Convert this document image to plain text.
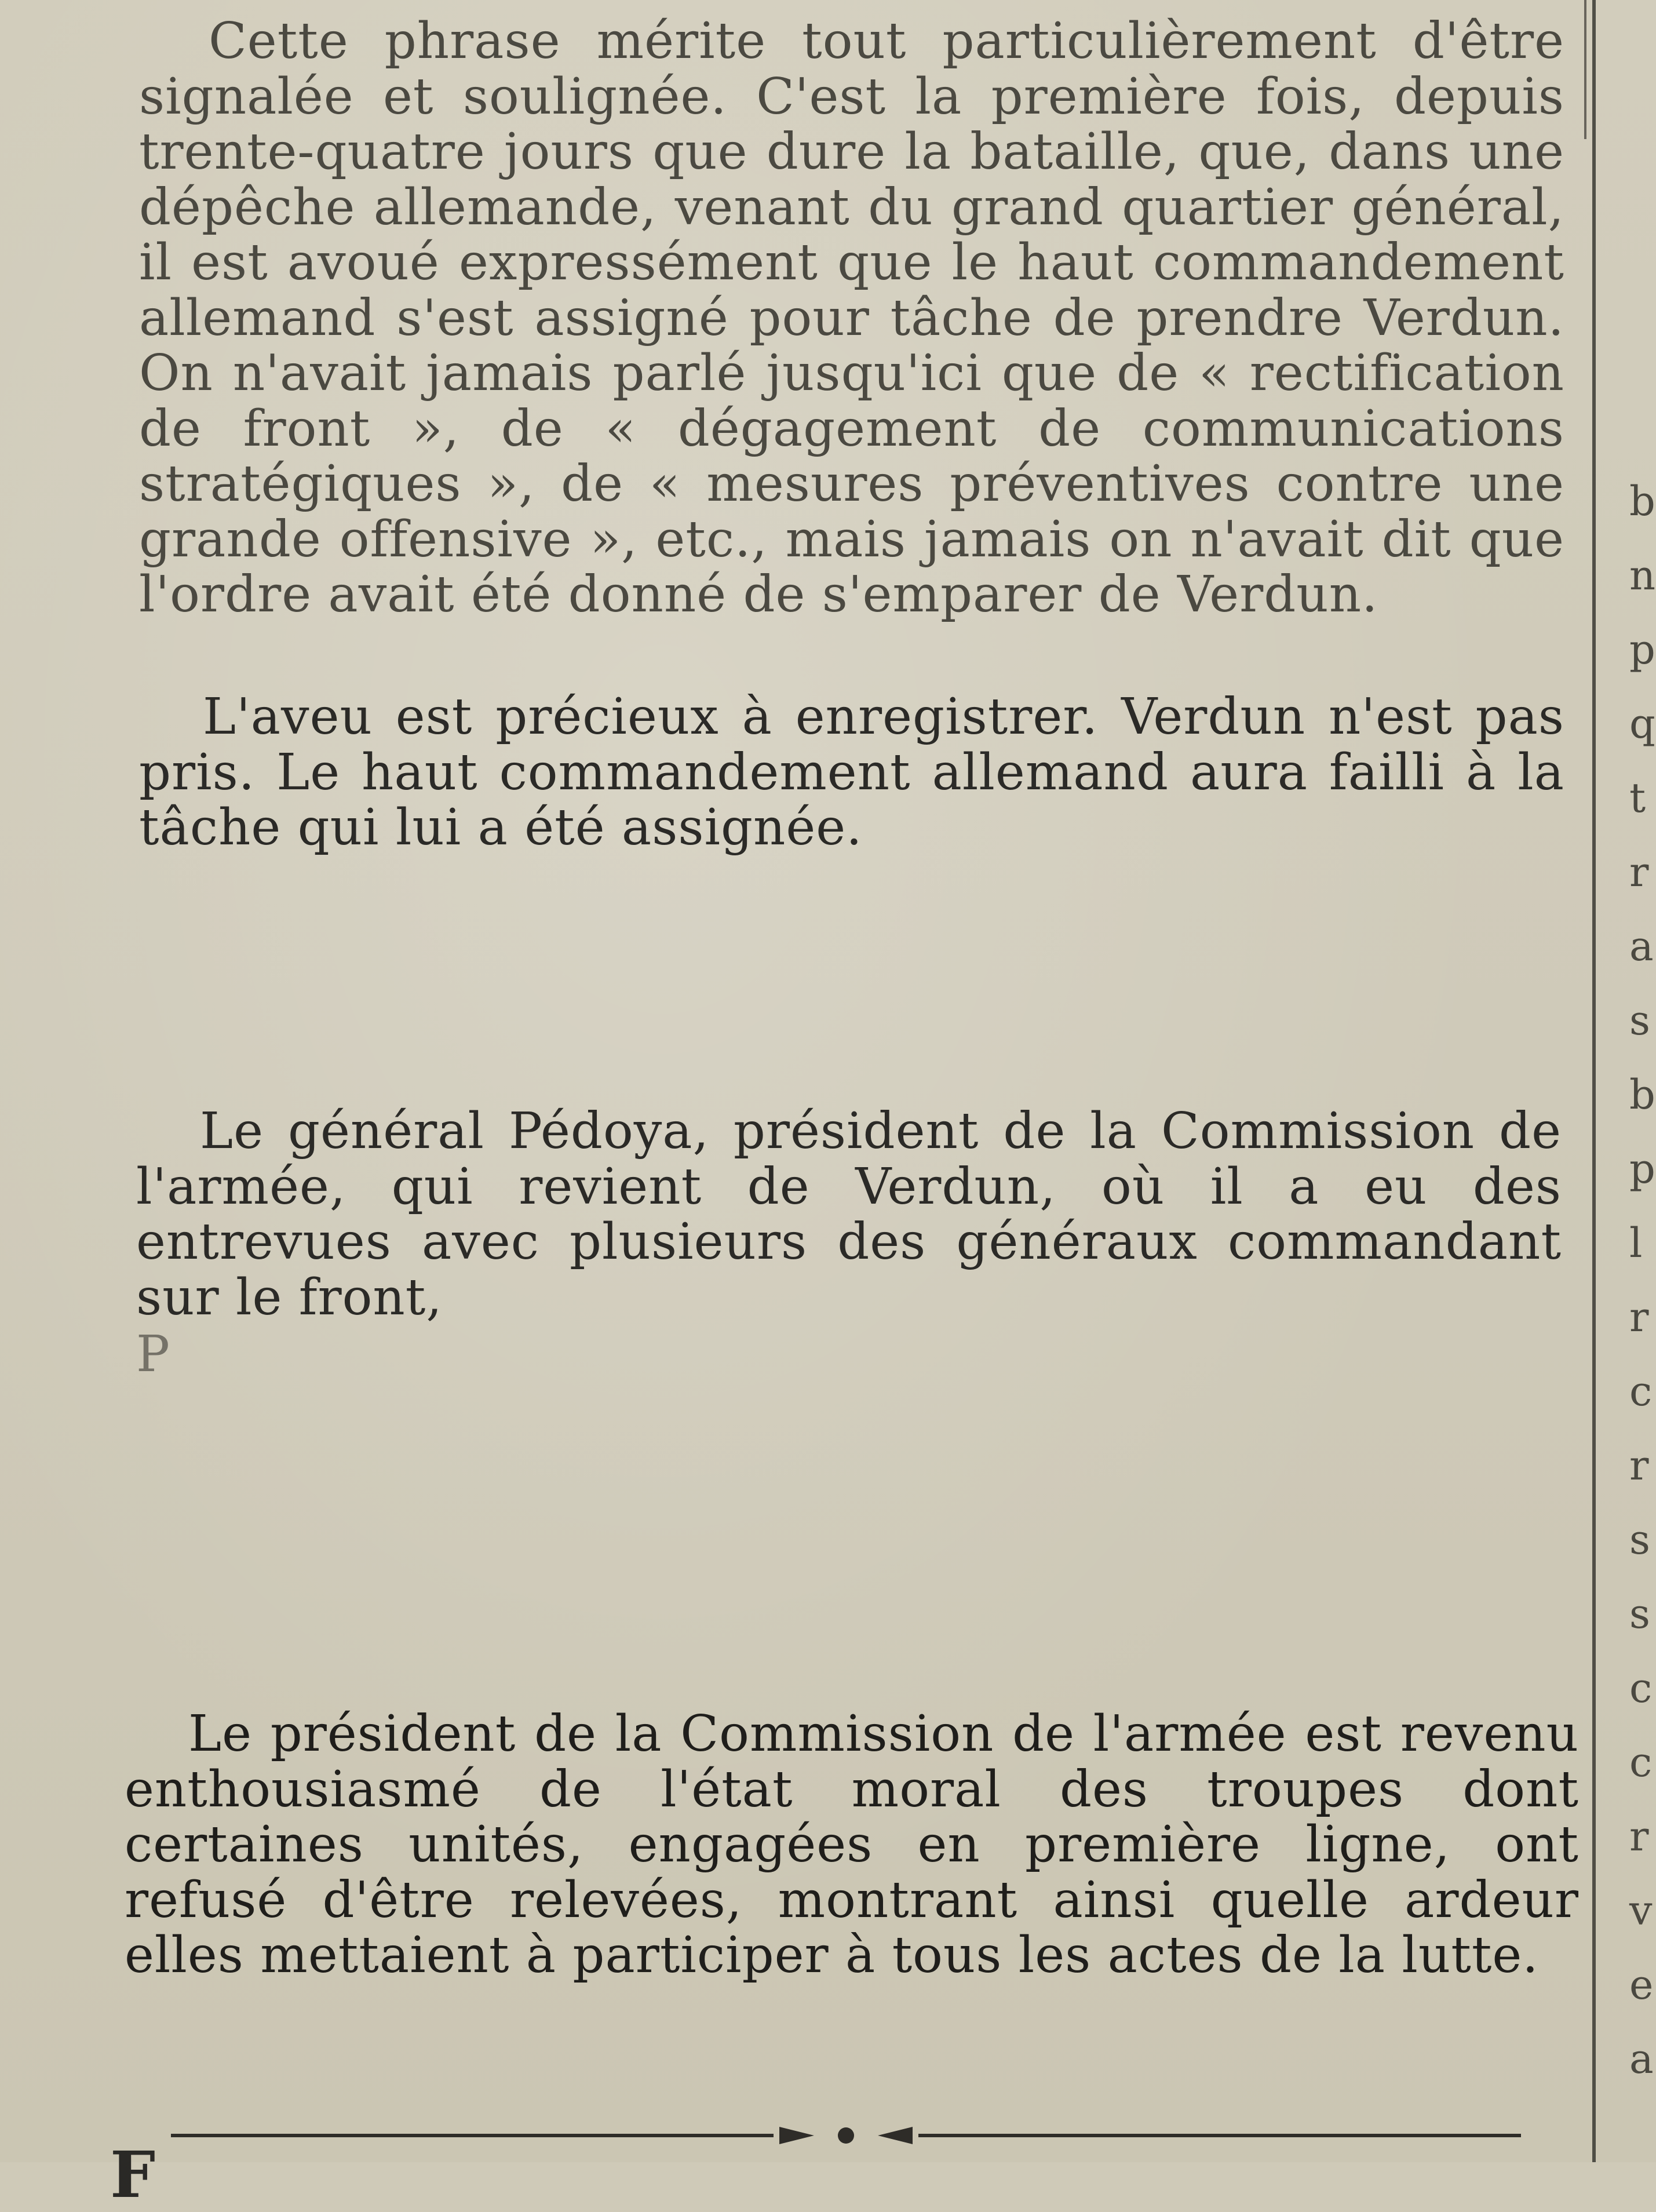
Cette phrase mérite tout particulièrement d'être signalée et soulignée. C'est la première fois, depuis trente-quatre jours que dure la bataille, que, dans une dépêche allemande, venant du grand quartier général, il est avoué expressément que le haut commandement allemand s'est assigné pour tâche de prendre Verdun. On n'avait jamais parlé jusqu'ici que de « rectification de front », de « dégagement de communications stratégiques », de « mesures préventives contre une grande offensive », etc., mais jamais on n'avait dit que l'ordre avait été donné de s'emparer de Verdun.

L'aveu est précieux à enregistrer. Verdun n'est pas pris. Le haut commandement allemand aura failli à la tâche qui lui a été assignée.

Le général Pédoya, président de la Commission de l'armée, qui revient de Verdun, où il a eu des entrevues avec plusieurs des généraux commandant sur le front,

P

Le président de la Commission de l'armée est revenu enthousiasmé de l'état moral des troupes dont certaines unités, engagées en première ligne, ont refusé d'être relevées, montrant ainsi quelle ardeur elles mettaient à participer à tous les actes de la lutte.

b
n
p
q
t
r
a
s
b
p
l
r
c
r
s
s
c
c
r
v
e
a
F
